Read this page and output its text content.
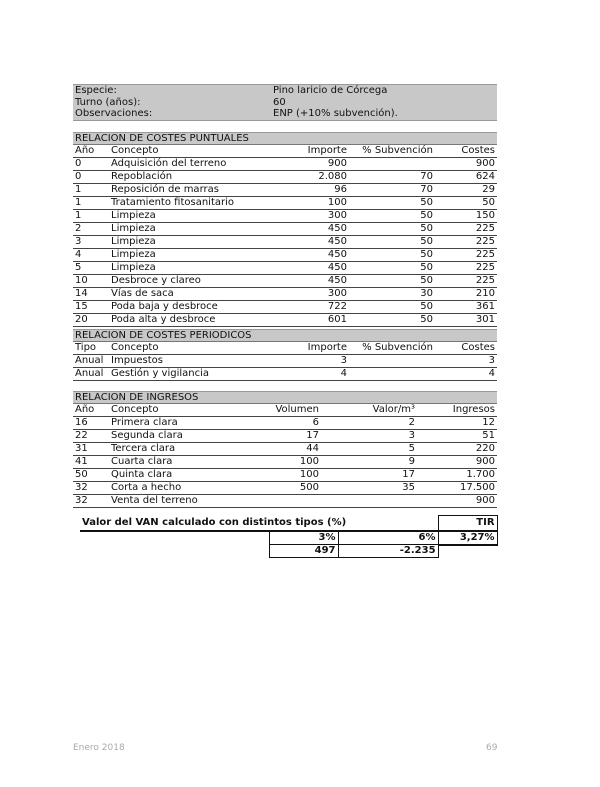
Especie:	Pino laricio de Córcega
Turno (años):	60
Observaciones:	ENP (+10% subvención).
RELACION DE COSTES PUNTUALES
Año	Concepto	Importe	% Subvención	Costes
0	Adquisición del terreno	900		900
0	Repoblación	2.080	70	624
1	Reposición de marras	96	70	29
1	Tratamiento fitosanitario	100	50	50
1	Limpieza	300	50	150
2	Limpieza	450	50	225
3	Limpieza	450	50	225
4	Limpieza	450	50	225
5	Limpieza	450	50	225
10	Desbroce y clareo	450	50	225
14	Vías de saca	300	30	210
15	Poda baja y desbroce	722	50	361
20	Poda alta y desbroce	601	50	301
RELACION DE COSTES PERIODICOS
Tipo	Concepto	Importe	% Subvención	Costes
Anual	Impuestos	3		3
Anual	Gestión y vigilancia	4		4
RELACION DE INGRESOS
Año	Concepto	Volumen	Valor/m³	Ingresos
16	Primera clara	6	2	12
22	Segunda clara	17	3	51
31	Tercera clara	44	5	220
41	Cuarta clara	100	9	900
50	Quinta clara	100	17	1.700
32	Corta a hecho	500	35	17.500
32	Venta del terreno			900
Valor del VAN calculado con distintos tipos (%)			TIR
	3%	6%	3,27%
	497	-2.235	
Enero 2018	69
